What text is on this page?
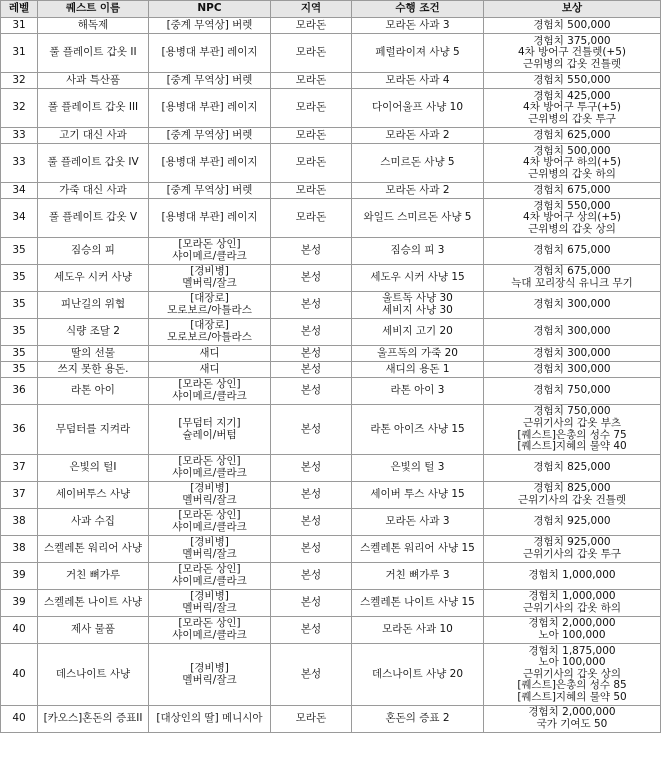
레벨	퀘스트 이름	NPC	지역	수행 조건	보상
31	해독제	[중계 무역상] 버렛	모라돈	모라돈 사과 3	경험치 500,000

31	풀 플레이트 갑옷 II	[용병대 부관] 레이지	모라돈	페럴라이져 사냥 5	경험치 375,000
4차 방어구 건틀렛(+5)
근위병의 갑옷 건틀렛

32	사과 특산품	[중계 무역상] 버렛	모라돈	모라돈 사과 4	경험치 550,000

32	풀 플레이트 갑옷 III	[용병대 부관] 레이지	모라돈	다이어울프 사냥 10	경험치 425,000
4차 방어구 투구(+5)
근위병의 갑옷 투구

33	고기 대신 사과	[중계 무역상] 버렛	모라돈	모라돈 사과 2	경험치 625,000

33	풀 플레이트 갑옷 IV	[용병대 부관] 레이지	모라돈	스미르돈 사냥 5	경험치 500,000
4차 방어구 하의(+5)
근위병의 갑옷 하의

34	가죽 대신 사과	[중계 무역상] 버렛	모라돈	모라돈 사과 2	경험치 675,000

34	풀 플레이트 갑옷 V	[용병대 부관] 레이지	모라돈	와일드 스미르돈 사냥 5	경험치 550,000
4차 방어구 상의(+5)
근위병의 갑옷 상의

35	짐승의 피	[모라돈 상인]
샤이메르/클라크	본성	짐승의 피 3	경험치 675,000

35	세도우 시커 사냥	[경비병]
멜버릭/잘크	본성	세도우 시커 사냥 15	경험치 675,000
늑대 꼬리장식 유니크 무기

35	피난길의 위협	[대장로]
모로보르/아틀라스	본성	울트독 사냥 30
세비지 사냥 30	경험치 300,000

35	식량 조달 2	[대장로]
모로보르/아틀라스	본성	세비지 고기 20	경험치 300,000

35	딸의 선물	새디	본성	울프독의 가죽 20	경험치 300,000

35	쓰지 못한 용돈.	새디	본성	새디의 용돈 1	경험치 300,000

36	라톤 아이	[모라돈 상인]
샤이메르/클라크	본성	라톤 아이 3	경험치 750,000

36	무덤터를 지켜라	[무덤터 지기]
슐레이/버텀	본성	라톤 아이즈 사냥 15	경험치 750,000
근위기사의 갑옷 부츠
[퀘스트]은총의 성수 75
[퀘스트]지혜의 물약 40

37	은빛의 털I	[모라돈 상인]
샤이메르/클라크	본성	은빛의 털 3	경험치 825,000

37	세이버투스 사냥	[경비병]
멜버릭/잘크	본성	세이버 투스 사냥 15	경험치 825,000
근위기사의 갑옷 건틀렛

38	사과 수집	[모라돈 상인]
샤이메르/클라크	본성	모라돈 사과 3	경험치 925,000

38	스켈레톤 워리어 사냥	[경비병]
멜버릭/잘크	본성	스켈레톤 워리어 사냥 15	경험치 925,000
근위기사의 갑옷 투구

39	거친 뼈가루	[모라돈 상인]
샤이메르/클라크	본성	거친 뼈가루 3	경험치 1,000,000

39	스켈레톤 나이트 사냥	[경비병]
멜버릭/잘크	본성	스켈레톤 나이트 사냥 15	경험치 1,000,000
근위기사의 갑옷 하의

40	제사 물품	[모라돈 상인]
샤이메르/클라크	본성	모라돈 사과 10	경험치 2,000,000
노아 100,000

40	데스나이트 사냥	[경비병]
멜버릭/잘크	본성	데스나이트 사냥 20	경험치 1,875,000
노아 100,000
근위기사의 갑옷 상의
[퀘스트]은총의 성수 85
[퀘스트]지혜의 물약 50

40	[카오스]혼돈의 증표II	[대상인의 딸] 메니시아	모라돈	혼돈의 증표 2	경험치 2,000,000
국가 기여도 50
